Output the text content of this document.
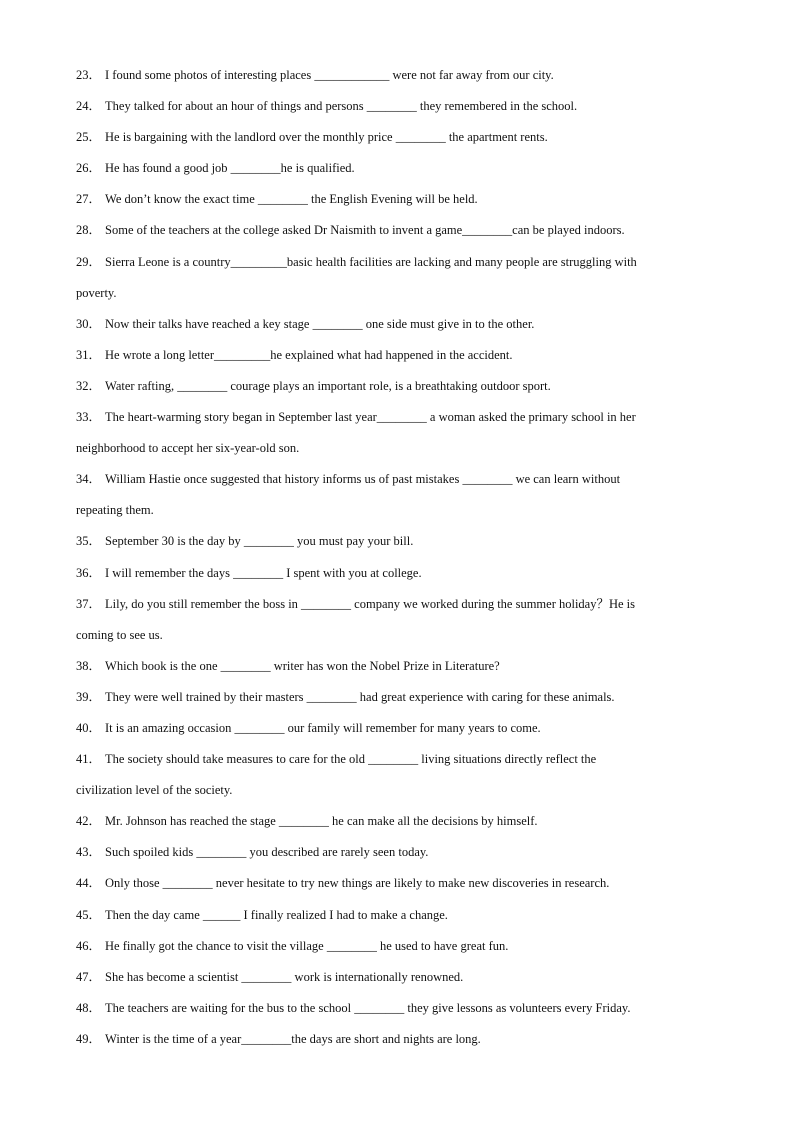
23． I found some photos of interesting places ____________ were not far away from our city.
24． They talked for about an hour of things and persons ________ they remembered in the school.
25． He is bargaining with the landlord over the monthly price ________ the apartment rents.
26． He has found a good job ________he is qualified.
27． We don’t know the exact time ________ the English Evening will be held.
28． Some of the teachers at the college asked Dr Naismith to invent a game________can be played indoors.
29． Sierra Leone is a country_________basic health facilities are lacking and many people are struggling with
poverty.
30． Now their talks have reached a key stage ________ one side must give in to the other.
31． He wrote a long letter_________he explained what had happened in the accident.
32． Water rafting, ________ courage plays an important role, is a breathtaking outdoor sport.
33． The heart-warming story began in September last year________ a woman asked the primary school in her
neighborhood to accept her six-year-old son.
34． William Hastie once suggested that history informs us of past mistakes ________ we can learn without
repeating them.
35． September 30 is the day by ________ you must pay your bill.
36． I will remember the days ________ I spent with you at college.
37． Lily, do you still remember the boss in ________ company we worked during the summer holiday？He is
coming to see us.
38． Which book is the one ________ writer has won the Nobel Prize in Literature?
39． They were well trained by their masters ________ had great experience with caring for these animals.
40． It is an amazing occasion ________ our family will remember for many years to come.
41． The society should take measures to care for the old ________ living situations directly reflect the
civilization level of the society.
42． Mr. Johnson has reached the stage ________ he can make all the decisions by himself.
43． Such spoiled kids ________ you described are rarely seen today.
44． Only those ________ never hesitate to try new things are likely to make new discoveries in research.
45． Then the day came ______ I finally realized I had to make a change.
46． He finally got the chance to visit the village ________ he used to have great fun.
47． She has become a scientist ________ work is internationally renowned.
48． The teachers are waiting for the bus to the school ________ they give lessons as volunteers every Friday.
49． Winter is the time of a year________the days are short and nights are long.
